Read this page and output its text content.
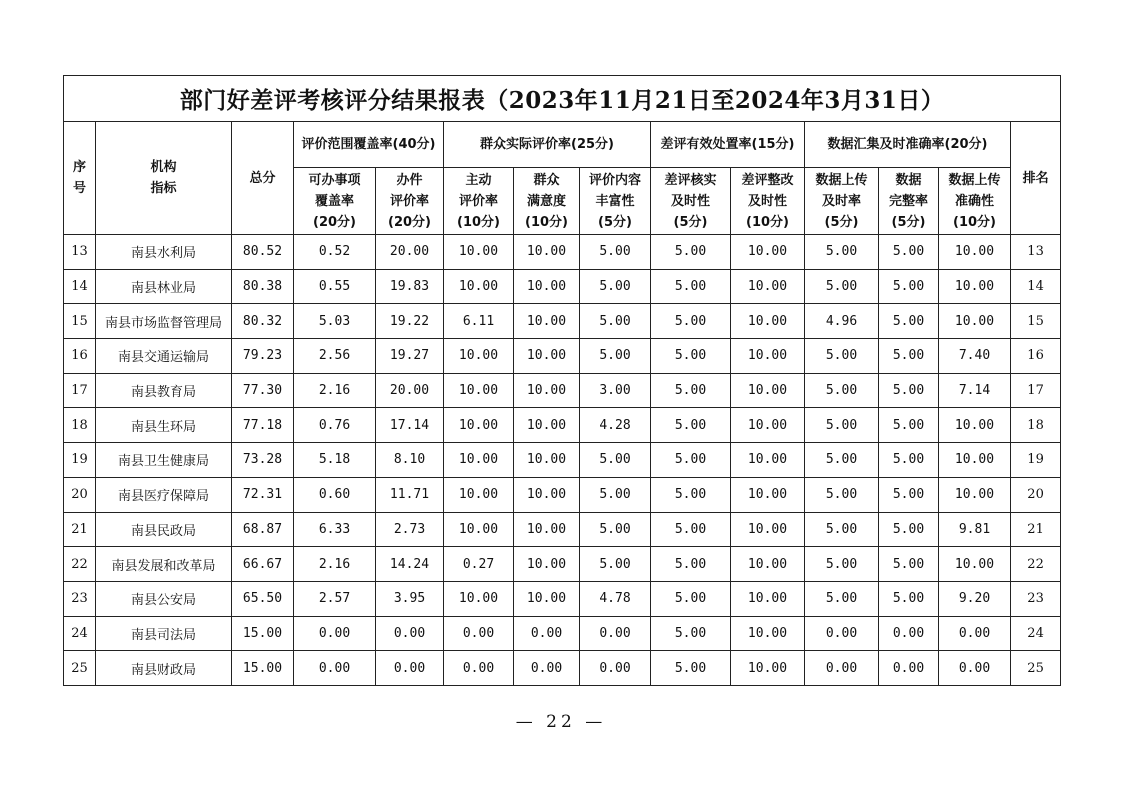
部门好差评考核评分结果报表（2023年11月21日至2024年3月31日）													

序
号	机构
指标	总分	评价范围覆盖率(40分)		群众实际评价率(25分)			差评有效处置率(15分)		数据汇集及时准确率(20分)			排名

			可办事项
覆盖率
(20分)	办件
评价率
(20分)	主动
评价率
(10分)	群众
满意度
(10分)	评价内容
丰富性
(5分)	差评核实
及时性
(5分)	差评整改
及时性
(10分)	数据上传
及时率
(5分)	数据
完整率
(5分)	数据上传
准确性
(10分)	

13	南县水利局	80.52	0.52	20.00	10.00	10.00	5.00	5.00	10.00	5.00	5.00	10.00	13
14	南县林业局	80.38	0.55	19.83	10.00	10.00	5.00	5.00	10.00	5.00	5.00	10.00	14
15	南县市场监督管理局	80.32	5.03	19.22	6.11	10.00	5.00	5.00	10.00	4.96	5.00	10.00	15
16	南县交通运输局	79.23	2.56	19.27	10.00	10.00	5.00	5.00	10.00	5.00	5.00	7.40	16
17	南县教育局	77.30	2.16	20.00	10.00	10.00	3.00	5.00	10.00	5.00	5.00	7.14	17
18	南县生环局	77.18	0.76	17.14	10.00	10.00	4.28	5.00	10.00	5.00	5.00	10.00	18
19	南县卫生健康局	73.28	5.18	8.10	10.00	10.00	5.00	5.00	10.00	5.00	5.00	10.00	19
20	南县医疗保障局	72.31	0.60	11.71	10.00	10.00	5.00	5.00	10.00	5.00	5.00	10.00	20
21	南县民政局	68.87	6.33	2.73	10.00	10.00	5.00	5.00	10.00	5.00	5.00	9.81	21
22	南县发展和改革局	66.67	2.16	14.24	0.27	10.00	5.00	5.00	10.00	5.00	5.00	10.00	22
23	南县公安局	65.50	2.57	3.95	10.00	10.00	4.78	5.00	10.00	5.00	5.00	9.20	23
24	南县司法局	15.00	0.00	0.00	0.00	0.00	0.00	5.00	10.00	0.00	0.00	0.00	24
25	南县财政局	15.00	0.00	0.00	0.00	0.00	0.00	5.00	10.00	0.00	0.00	0.00	25
— 22 —
